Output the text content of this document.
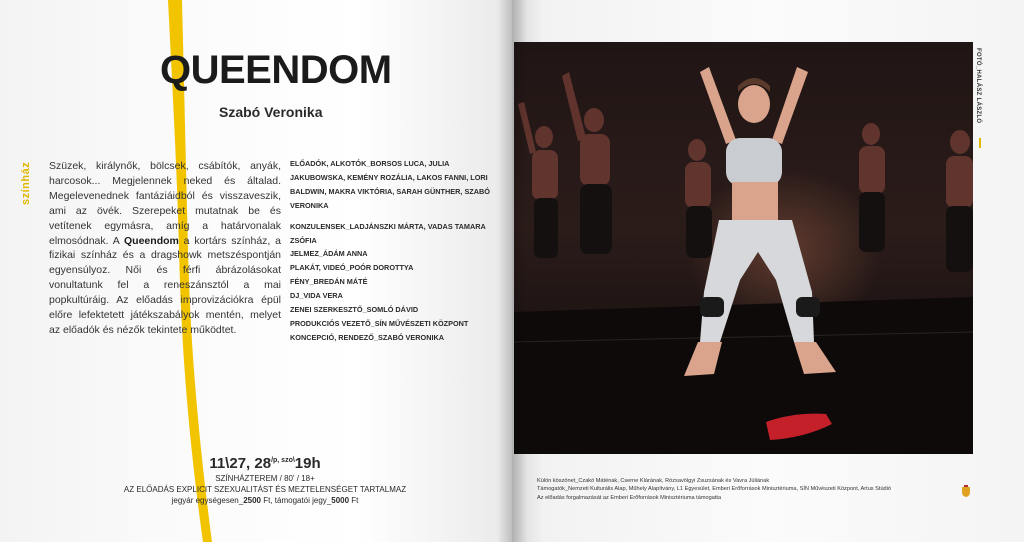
QUEENDOM
Szabó Veronika
színház Szüzek, királynők, bölcsek, csábítók, anyák, harcosok... Megjelennek neked és általad. Megelevenednek fantáziáidból és visszaveszik, ami az övék. Szerepeket mutatnak be és vetítenek egymásra, amíg a határvonalak elmosódnak. A Queendom a kortárs színház, a fizikai színház és a dragshowk metszéspontján egyensúlyoz. Női és férfi ábrázolásokat vonultatunk fel a reneszánsztól a mai popkultúráig. Az előadás improvizációkra épül előre lefektetett játékszabályok mentén, melyet az előadók és nézők tekintete működtet.
ELŐADÓK, ALKOTÓK_BORSOS LUCA, JULIA JAKUBOWSKA, KEMÉNY ROZÁLIA, LAKOS FANNI, LORI BALDWIN, MAKRA VIKTÓRIA, SARAH GÜNTHER, SZABÓ VERONIKA
KONZULENSEK_LADJÁNSZKI MÁRTA, VADAS TAMARA ZSÓFIA
JELMEZ_ÁDÁM ANNA
PLAKÁT, VIDEÓ_POÓR DOROTTYA
FÉNY_BREDÁN MÁTÉ
DJ_VIDA VERA
ZENEI SZERKESZTŐ_SOMLÓ DÁVID
PRODUKCIÓS VEZETŐ_SÍN MŰVÉSZETI KÖZPONT
KONCEPCIÓ, RENDEZŐ_SZABÓ VERONIKA
11\27, $28^{/p, szo\backslash}19h$
SZÍNHÁZTEREM / 80' / 18+
AZ ELŐADÁS EXPLICIT SZEXUALITÁST ÉS MEZTELENSÉGET TARTALMAZ
jegyár egységesen_2500 Ft, támogatói jegy_5000 Ft
FOTÓ_HALÁSZ LÁSZLÓ
Külön köszönet_Czakó Máténak, Cserne Klárának, Rózsavölgyi Zsuzsának és Vavra Júliának
Támogatók_Nemzeti Kulturális Alap, Műhely Alapítvány, L1 Egyesület, Emberi Erőforrások Minisztériuma, SÍN Művészeti Központ, Artus Stúdió
Az előadás forgalmazását az Emberi Erőforrások Minisztériuma támogatta
